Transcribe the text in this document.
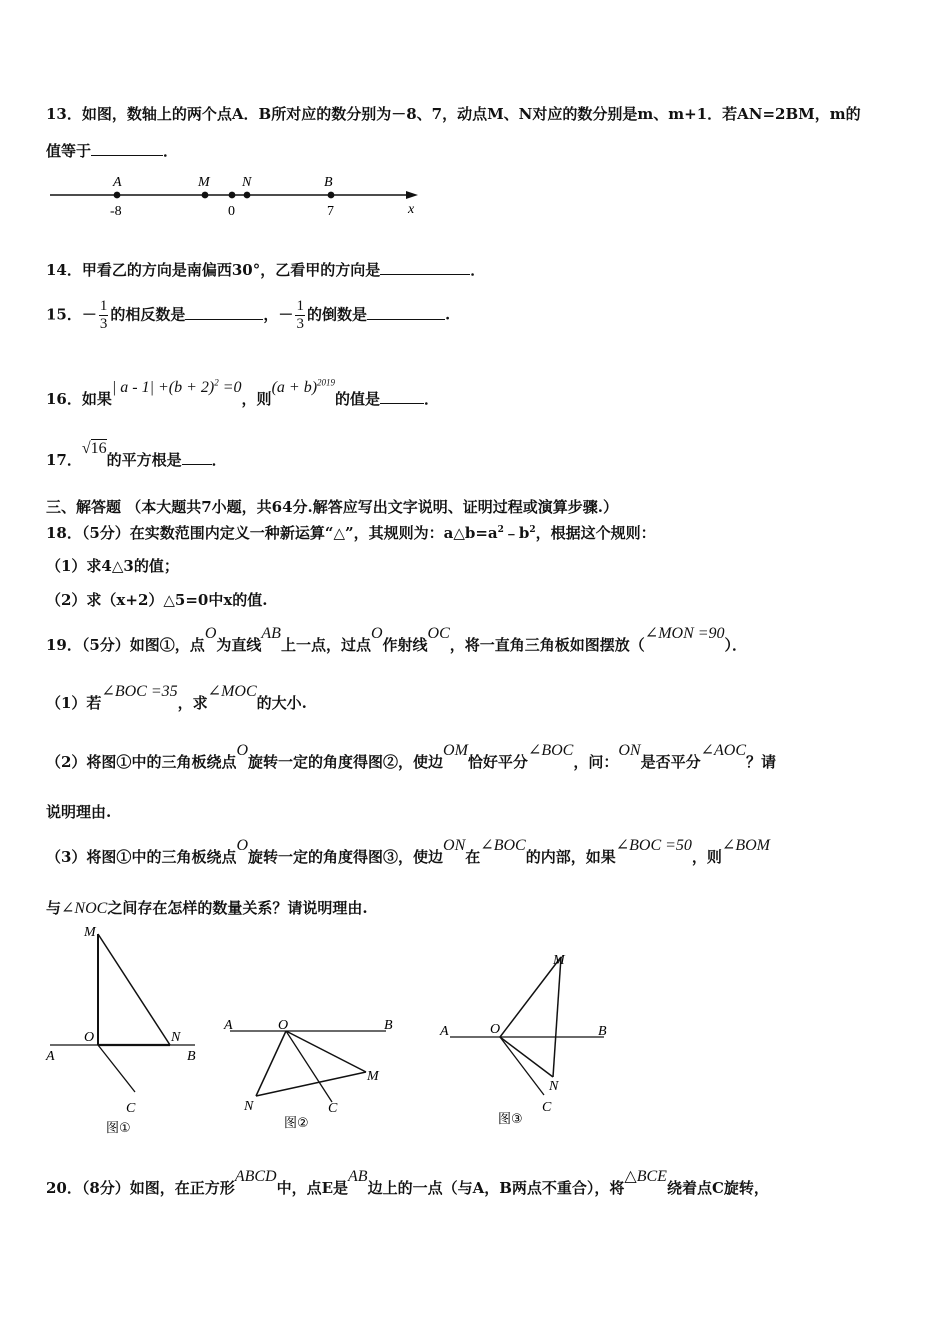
13．如图，数轴上的两个点A．B所对应的数分别为－8、7，动点M、N对应的数分别是m、m+1．若AN=2BM，m的
值等于	．
A	M N	B
-8	0	7	x
14．甲看乙的方向是南偏西30°，乙看甲的方向是	．
15．－ $\frac{1}{3}$ 的相反数是	，－ $\frac{1}{3}$ 的倒数是	.
16．如果| $a - 1| +(b + 2)^2 =0$，则$(a + b)^{2019}$的值是	．
17．√16的平方根是 ．
三、解答题 （本大题共7小题，共64分.解答应写出文字说明、证明过程或演算步骤.）
18．（5分）在实数范围内定义一种新运算“△”，其规则为：$a\triangle b=a^2﹣b^2$，根据这个规则：
（1）求4△3的值；
（2）求（x+2）△5=0中x的值.
19．（5分）如图①，点O为直线AB上一点，过点O作射线OC，将一直角三角板如图摆放（∠MON =90）．
（1）若∠BOC =35，求∠MOC的大小.
（2）将图①中的三角板绕点O旋转一定的角度得图②，使边OM恰好平分∠BOC，问：ON是否平分∠AOC？请
说明理由.
（3）将图①中的三角板绕点O旋转一定的角度得图③，使边ON在∠BOC的内部，如果∠BOC =50，则∠BOM
与∠NOC之间存在怎样的数量关系？请说明理由.
M
O	N
A	B
C
图①
A	O	B
M
N	C
图②
M
A	O	B
N
C
图③
20．（8分）如图，在正方形ABCD中，点E是AB边上的一点（与A，B两点不重合），将△BCE绕着点C旋转，
